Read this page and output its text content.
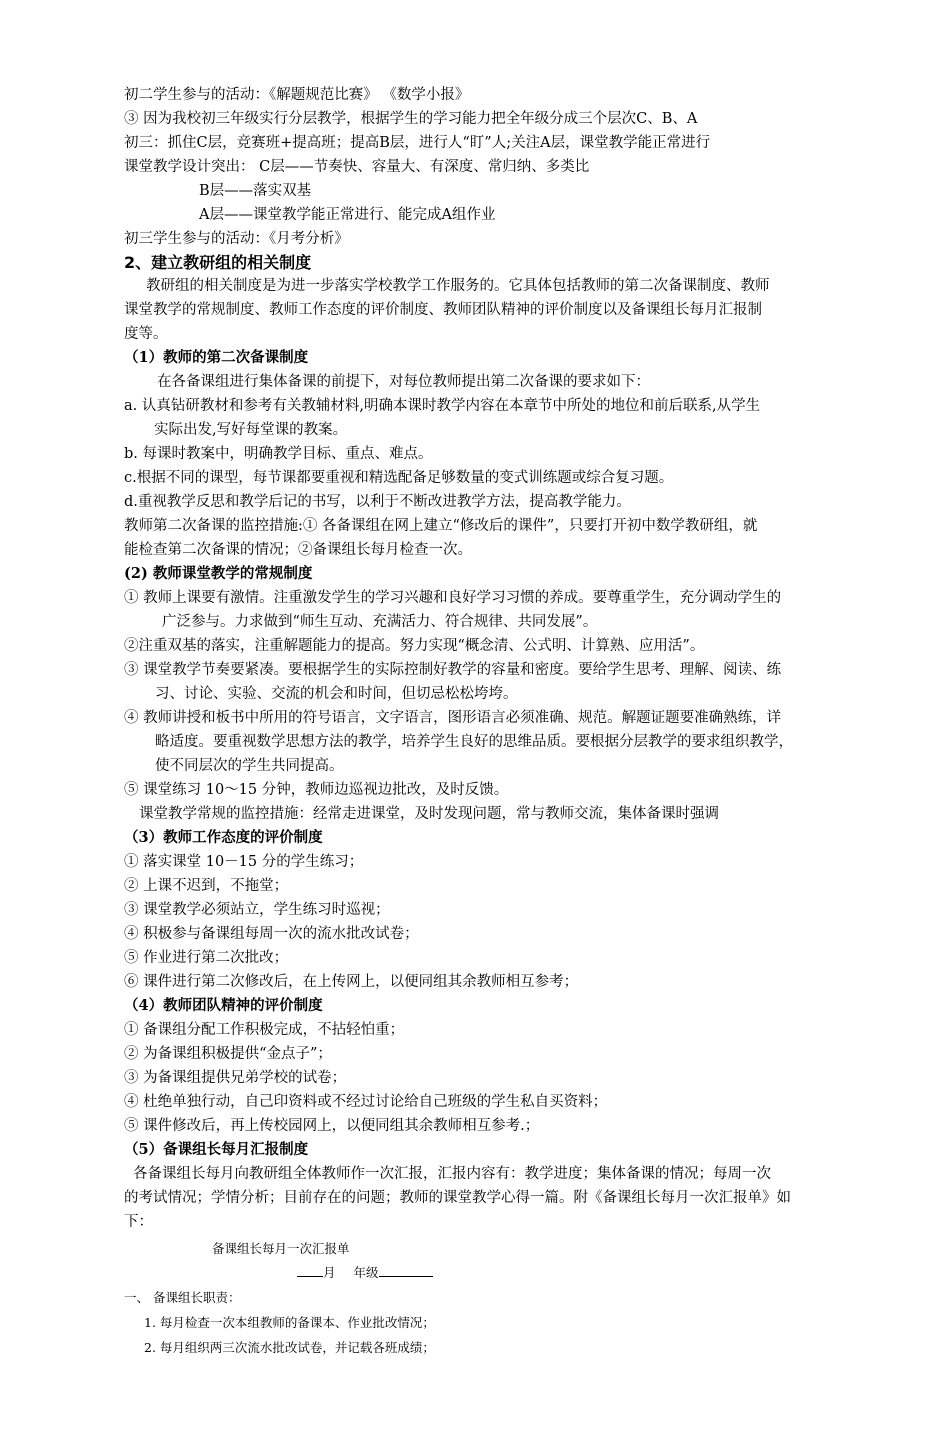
初二学生参与的活动：《解题规范比赛》 《数学小报》
③ 因为我校初三年级实行分层教学，根据学生的学习能力把全年级分成三个层次C、B、A
初三：抓住C层，竞赛班+提高班；提高B层，进行人“盯”人;关注A层，课堂教学能正常进行
课堂教学设计突出： C层——节奏快、容量大、有深度、常归纳、多类比
B层——落实双基
A层——课堂教学能正常进行、能完成A组作业
初三学生参与的活动：《月考分析》
2、建立教研组的相关制度
教研组的相关制度是为进一步落实学校教学工作服务的。它具体包括教师的第二次备课制度、教师
课堂教学的常规制度、教师工作态度的评价制度、教师团队精神的评价制度以及备课组长每月汇报制
度等。
（1）教师的第二次备课制度
在各备课组进行集体备课的前提下，对每位教师提出第二次备课的要求如下：
a. 认真钻研教材和参考有关教辅材料,明确本课时教学内容在本章节中所处的地位和前后联系,从学生
实际出发,写好每堂课的教案。
b. 每课时教案中，明确教学目标、重点、难点。
c.根据不同的课型，每节课都要重视和精选配备足够数量的变式训练题或综合复习题。
d.重视教学反思和教学后记的书写，以利于不断改进教学方法，提高教学能力。
教师第二次备课的监控措施:① 各备课组在网上建立“修改后的课件”，只要打开初中数学教研组，就
能检查第二次备课的情况；②备课组长每月检查一次。
(2) 教师课堂教学的常规制度
① 教师上课要有激情。注重激发学生的学习兴趣和良好学习习惯的养成。要尊重学生，充分调动学生的
广泛参与。力求做到“师生互动、充满活力、符合规律、共同发展”。
②注重双基的落实，注重解题能力的提高。努力实现“概念清、公式明、计算熟、应用活”。
③ 课堂教学节奏要紧凑。要根据学生的实际控制好教学的容量和密度。要给学生思考、理解、阅读、练
习、讨论、实验、交流的机会和时间，但切忌松松垮垮。
④ 教师讲授和板书中所用的符号语言，文字语言，图形语言必须准确、规范。解题证题要准确熟练，详
略适度。要重视数学思想方法的教学，培养学生良好的思维品质。要根据分层教学的要求组织教学，
使不同层次的学生共同提高。
⑤ 课堂练习 10～15 分钟，教师边巡视边批改，及时反馈。
课堂教学常规的监控措施：经常走进课堂，及时发现问题，常与教师交流，集体备课时强调
（3）教师工作态度的评价制度
① 落实课堂 10－15 分的学生练习；
② 上课不迟到，不拖堂；
③ 课堂教学必须站立，学生练习时巡视；
④ 积极参与备课组每周一次的流水批改试卷；
⑤ 作业进行第二次批改；
⑥ 课件进行第二次修改后，在上传网上，以便同组其余教师相互参考；
（4）教师团队精神的评价制度
① 备课组分配工作积极完成，不拈轻怕重；
② 为备课组积极提供“金点子”；
③ 为备课组提供兄弟学校的试卷；
④ 杜绝单独行动，自己印资料或不经过讨论给自己班级的学生私自买资料；
⑤ 课件修改后，再上传校园网上，以便同组其余教师相互参考.；
（5）备课组长每月汇报制度
各备课组长每月向教研组全体教师作一次汇报，汇报内容有：教学进度；集体备课的情况；每周一次
的考试情况；学情分析；目前存在的问题；教师的课堂教学心得一篇。附《备课组长每月一次汇报单》如
下：
备课组长每月一次汇报单
月 年级
一、 备课组长职责：
1. 每月检查一次本组教师的备课本、作业批改情况；
2. 每月组织两三次流水批改试卷，并记载各班成绩；
